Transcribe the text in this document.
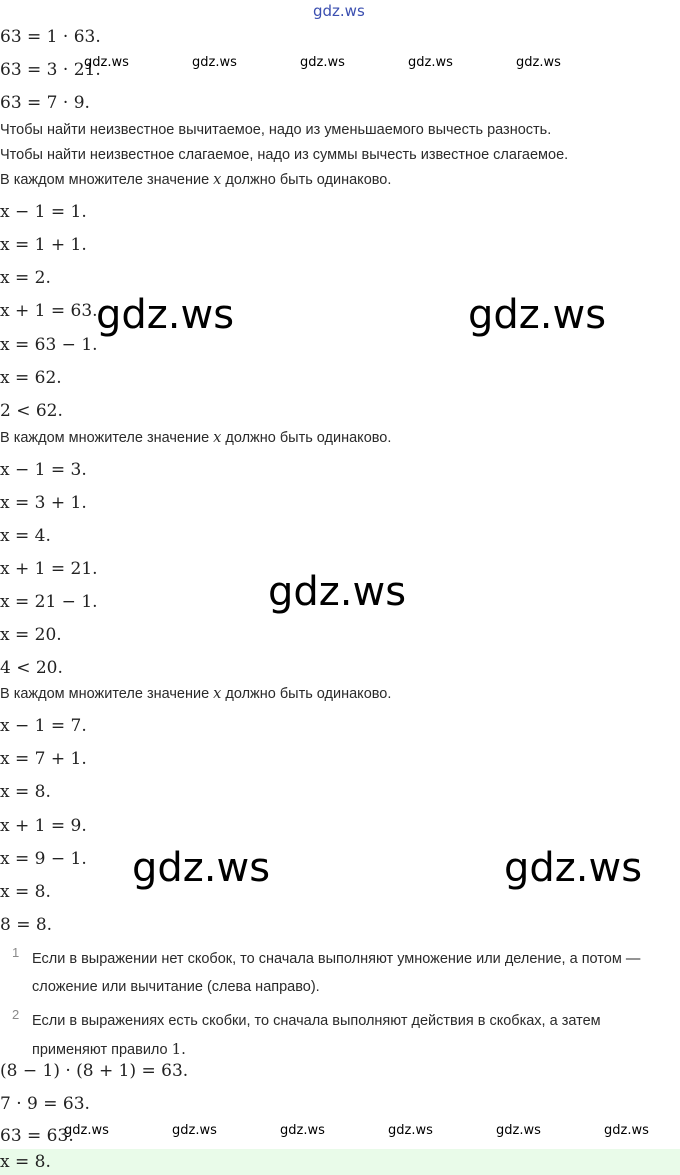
63 = 1 · 63.
63 = 3 · 21.
63 = 7 · 9.
Чтобы найти неизвестное вычитаемое, надо из уменьшаемого вычесть разность.
Чтобы найти неизвестное слагаемое, надо из суммы вычесть известное слагаемое.
В каждом множителе значение x должно быть одинаково.
x − 1 = 1.
x = 1 + 1.
x = 2.
x + 1 = 63.
x = 63 − 1.
x = 62.
2 < 62.
В каждом множителе значение x должно быть одинаково.
x − 1 = 3.
x = 3 + 1.
x = 4.
x + 1 = 21.
x = 21 − 1.
x = 20.
4 < 20.
В каждом множителе значение x должно быть одинаково.
x − 1 = 7.
x = 7 + 1.
x = 8.
x + 1 = 9.
x = 9 − 1.
x = 8.
8 = 8.
1 Если в выражении нет скобок, то сначала выполняют умножение или деление, а потом — сложение или вычитание (слева направо).
2 Если в выражениях есть скобки, то сначала выполняют действия в скобках, а затем применяют правило 1.
(8 − 1) · (8 + 1) = 63.
7 · 9 = 63.
63 = 63.
x = 8.
gdz.ws
gdz.ws	gdz.ws	gdz.ws	gdz.ws	gdz.ws
gdz.ws	gdz.ws
gdz.ws
gdz.ws	gdz.ws
gdz.ws	gdz.ws	gdz.ws	gdz.ws	gdz.ws	gdz.ws
